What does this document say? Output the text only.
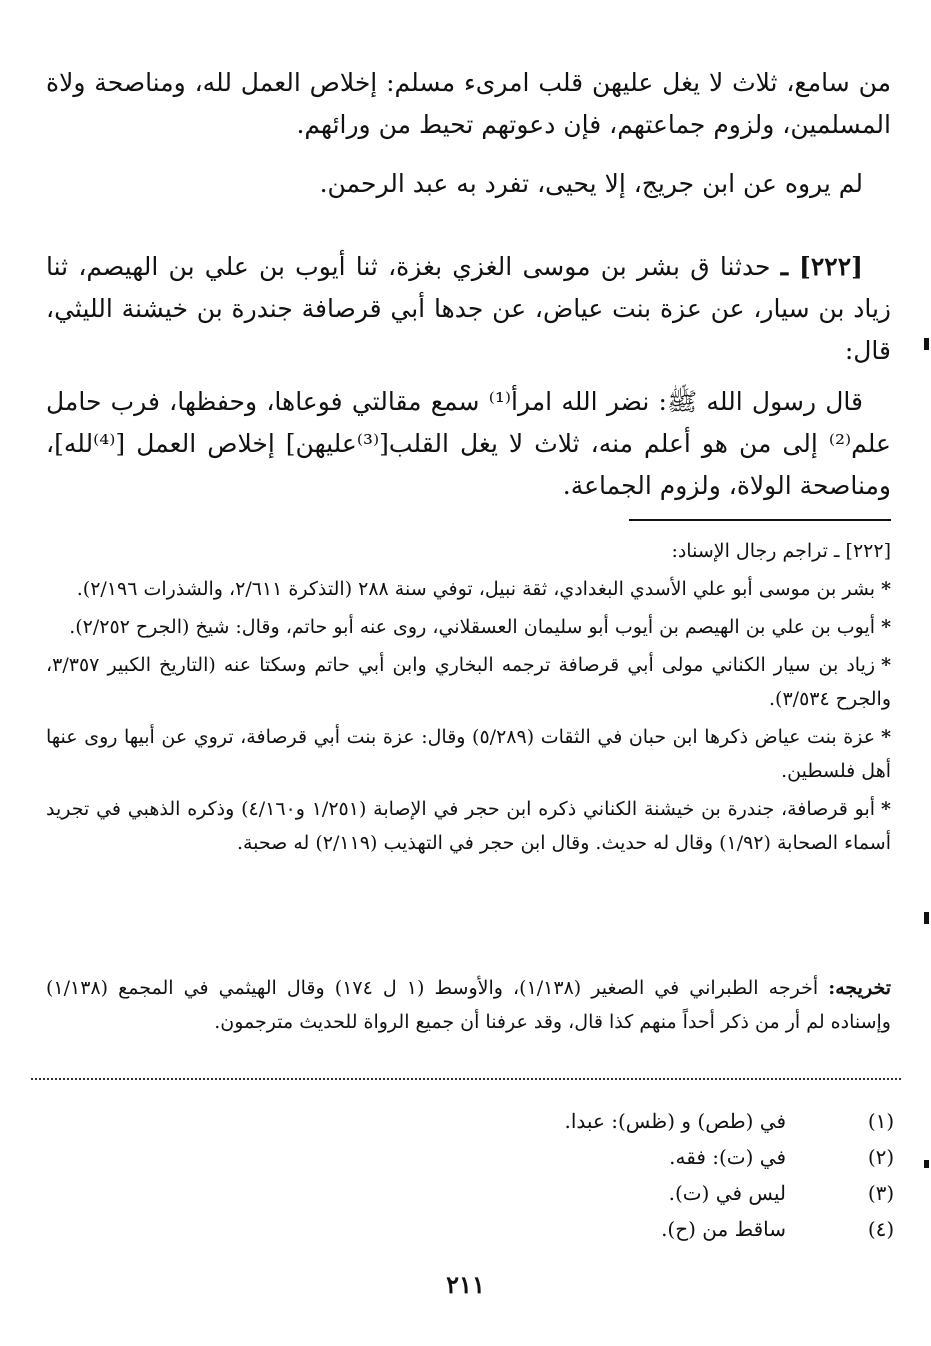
من سامع، ثلاث لا يغل عليهن قلب امرىء مسلم: إخلاص العمل لله، ومناصحة ولاة المسلمين، ولزوم جماعتهم، فإن دعوتهم تحيط من ورائهم.

لم يروه عن ابن جريج، إلا يحيى، تفرد به عبد الرحمن.

[٢٢٢] ـ حدثنا ق بشر بن موسى الغزي بغزة، ثنا أيوب بن علي بن الهيصم، ثنا زياد بن سيار، عن عزة بنت عياض، عن جدها أبي قرصافة جندرة بن خيشنة الليثي، قال:

قال رسول الله ﷺ: نضر الله امرأ⁽¹⁾ سمع مقالتي فوعاها، وحفظها، فرب حامل علم⁽²⁾ إلى من هو أعلم منه، ثلاث لا يغل القلب[⁽³⁾عليهن] إخلاص العمل [⁽⁴⁾لله]، ومناصحة الولاة، ولزوم الجماعة.

[٢٢٢] ـ تراجم رجال الإسناد:

*بشر بن موسى أبو علي الأسدي البغدادي، ثقة نبيل، توفي سنة ٢٨٨ (التذكرة ٢/٦١١، والشذرات ٢/١٩٦).

*أيوب بن علي بن الهيصم بن أيوب أبو سليمان العسقلاني، روى عنه أبو حاتم، وقال: شيخ (الجرح ٢/٢٥٢).

*زياد بن سيار الكناني مولى أبي قرصافة ترجمه البخاري وابن أبي حاتم وسكتا عنه (التاريخ الكبير ٣/٣٥٧، والجرح ٣/٥٣٤).

*عزة بنت عياض ذكرها ابن حبان في الثقات (٥/٢٨٩) وقال: عزة بنت أبي قرصافة، تروي عن أبيها روى عنها أهل فلسطين.

*أبو قرصافة، جندرة بن خيشنة الكناني ذكره ابن حجر في الإصابة (١/٢٥١ و٤/١٦٠) وذكره الذهبي في تجريد أسماء الصحابة (١/٩٢) وقال له حديث. وقال ابن حجر في التهذيب (٢/١١٩) له صحبة.

تخريجه: أخرجه الطبراني في الصغير (١/١٣٨)، والأوسط (١ ل ١٧٤) وقال الهيثمي في المجمع (١/١٣٨) وإسناده لم أر من ذكر أحداً منهم كذا قال، وقد عرفنا أن جميع الرواة للحديث مترجمون.

(١)
في (طص) و (ظس): عبدا.
(٢)
في (ت): فقه.
(٣)
ليس في (ت).
(٤)
ساقط من (ح).
٢١١
